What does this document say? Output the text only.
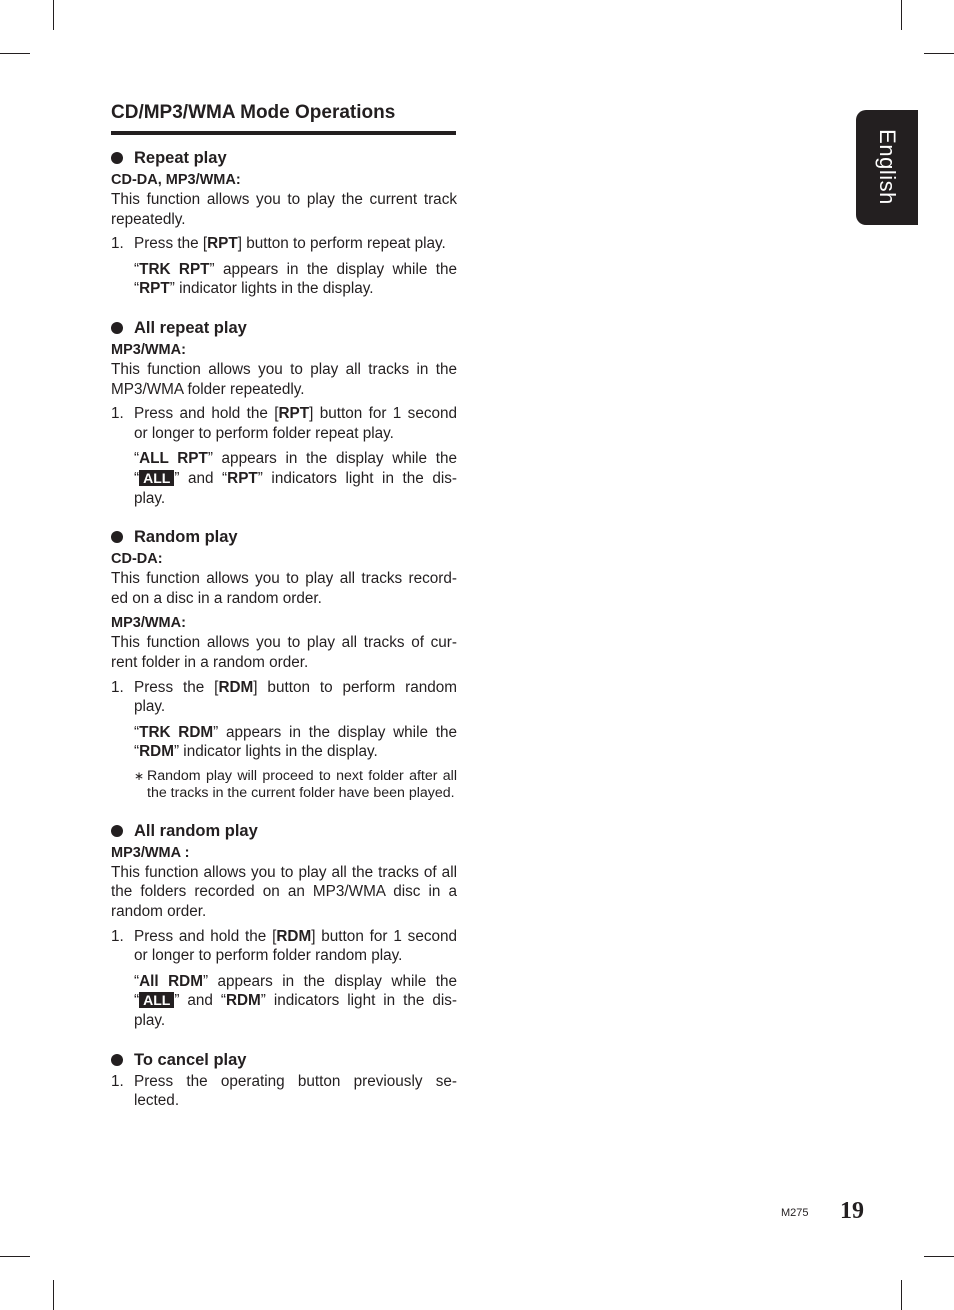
CD/MP3/WMA Mode Operations
English
Repeat play
CD-DA, MP3/WMA:
This function allows you to play the current track repeatedly.
1. Press the [RPT] button to perform repeat play.
“TRK RPT” appears in the display while the “RPT” indicator lights in the display.
All repeat play
MP3/WMA:
This function allows you to play all tracks in the MP3/WMA folder repeatedly.
1. Press and hold the [RPT] button for 1 second or longer to perform folder repeat play.
“ALL RPT” appears in the display while the “ ALL ” and “RPT” indicators light in the dis-play.
Random play
CD-DA:
This function allows you to play all tracks record-ed on a disc in a random order.
MP3/WMA:
This function allows you to play all tracks of cur-rent folder in a random order.
1. Press the [RDM] button to perform random play.
“TRK RDM” appears in the display while the “RDM” indicator lights in the display.
∗ Random play will proceed to next folder after all the tracks in the current folder have been played.
All random play
MP3/WMA :
This function allows you to play all the tracks of all the folders recorded on an MP3/WMA disc in a random order.
1. Press and hold the [RDM] button for 1 second or longer to perform folder random play.
“All RDM” appears in the display while the “ ALL ” and “RDM” indicators light in the dis-play.
To cancel play
1. Press the operating button previously se-lected.
M275 19
